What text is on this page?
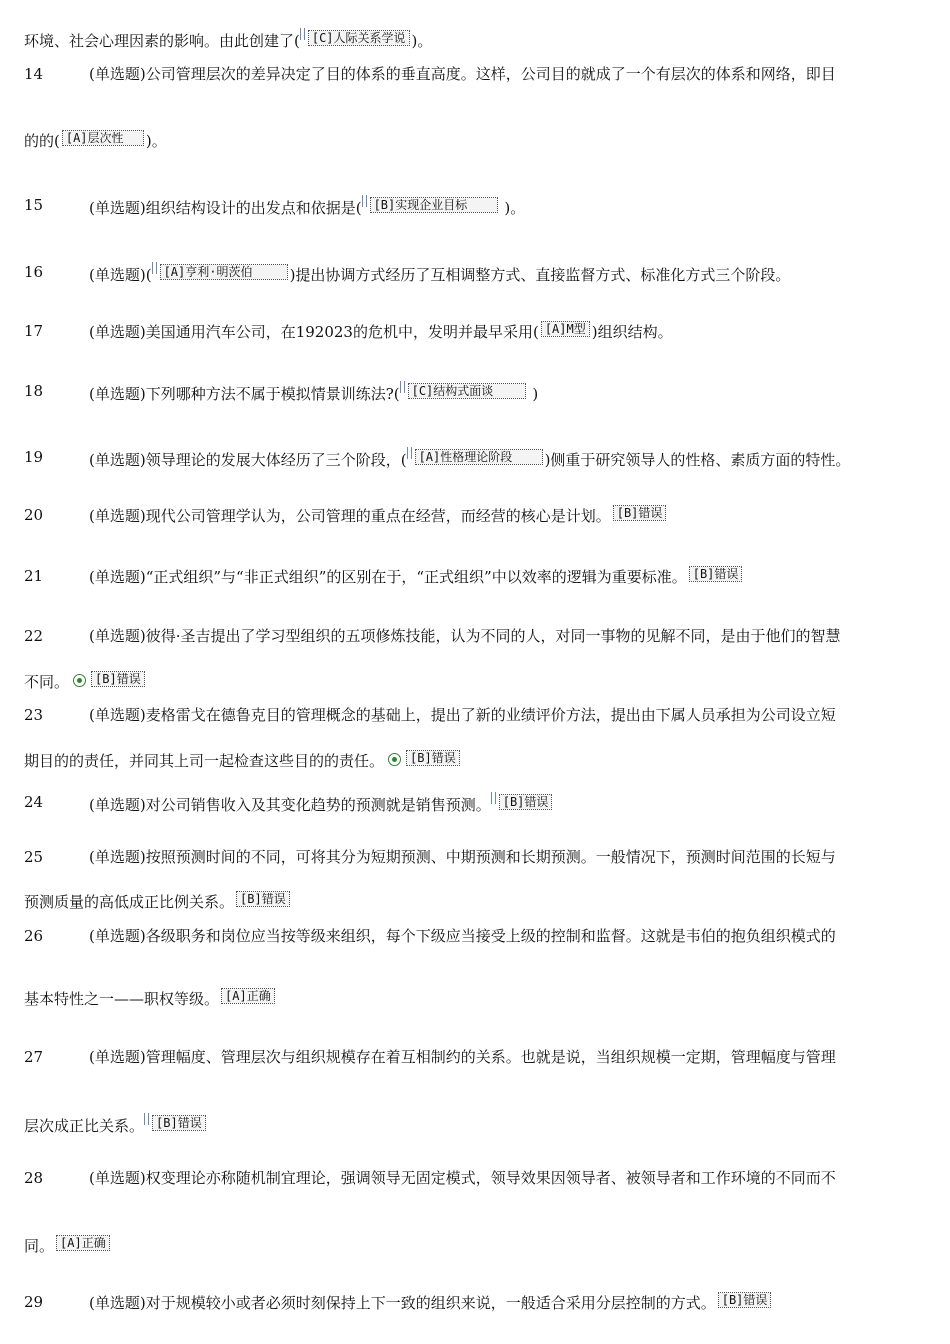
环境、社会心理因素的影响。由此创建了( [C]人际关系学说 )。
14	(单选题)公司管理层次的差异决定了目的体系的垂直高度。这样，公司目的就成了一个有层次的体系和网络，即目
的的( [A]层次性 )。
15	(单选题)组织结构设计的出发点和依据是( [B]实现企业目标 )。
16	(单选题)( [A]亨利·明茨伯 )提出协调方式经历了互相调整方式、直接监督方式、标准化方式三个阶段。
17	(单选题)美国通用汽车公司，在192023的危机中，发明并最早采用( [A]M型 )组织结构。
18	(单选题)下列哪种方法不属于模拟情景训练法?( [C]结构式面谈	)
19	(单选题)领导理论的发展大体经历了三个阶段，( [A]性格理论阶段 )侧重于研究领导人的性格、素质方面的特性。
20	(单选题)现代公司管理学认为，公司管理的重点在经营，而经营的核心是计划。 [B]错误
21	(单选题)“正式组织”与“非正式组织”的区别在于，“正式组织”中以效率的逻辑为重要标准。 [B]错误
22	(单选题)彼得·圣吉提出了学习型组织的五项修炼技能，认为不同的人，对同一事物的见解不同，是由于他们的智慧
不同。 [B]错误
23	(单选题)麦格雷戈在德鲁克目的管理概念的基础上，提出了新的业绩评价方法，提出由下属人员承担为公司设立短
期目的的责任，并同其上司一起检查这些目的的责任。 [B]错误
24	(单选题)对公司销售收入及其变化趋势的预测就是销售预测。 [B]错误
25	(单选题)按照预测时间的不同，可将其分为短期预测、中期预测和长期预测。一般情况下，预测时间范围的长短与
预测质量的高低成正比例关系。 [B]错误
26	(单选题)各级职务和岗位应当按等级来组织，每个下级应当接受上级的控制和监督。这就是韦伯的抱负组织模式的
基本特性之一——职权等级。 [A]正确
27	(单选题)管理幅度、管理层次与组织规模存在着互相制约的关系。也就是说，当组织规模一定期，管理幅度与管理
层次成正比关系。 [B]错误
28	(单选题)权变理论亦称随机制宜理论，强调领导无固定模式，领导效果因领导者、被领导者和工作环境的不同而不
同。 [A]正确
29	(单选题)对于规模较小或者必须时刻保持上下一致的组织来说，一般适合采用分层控制的方式。 [B]错误
